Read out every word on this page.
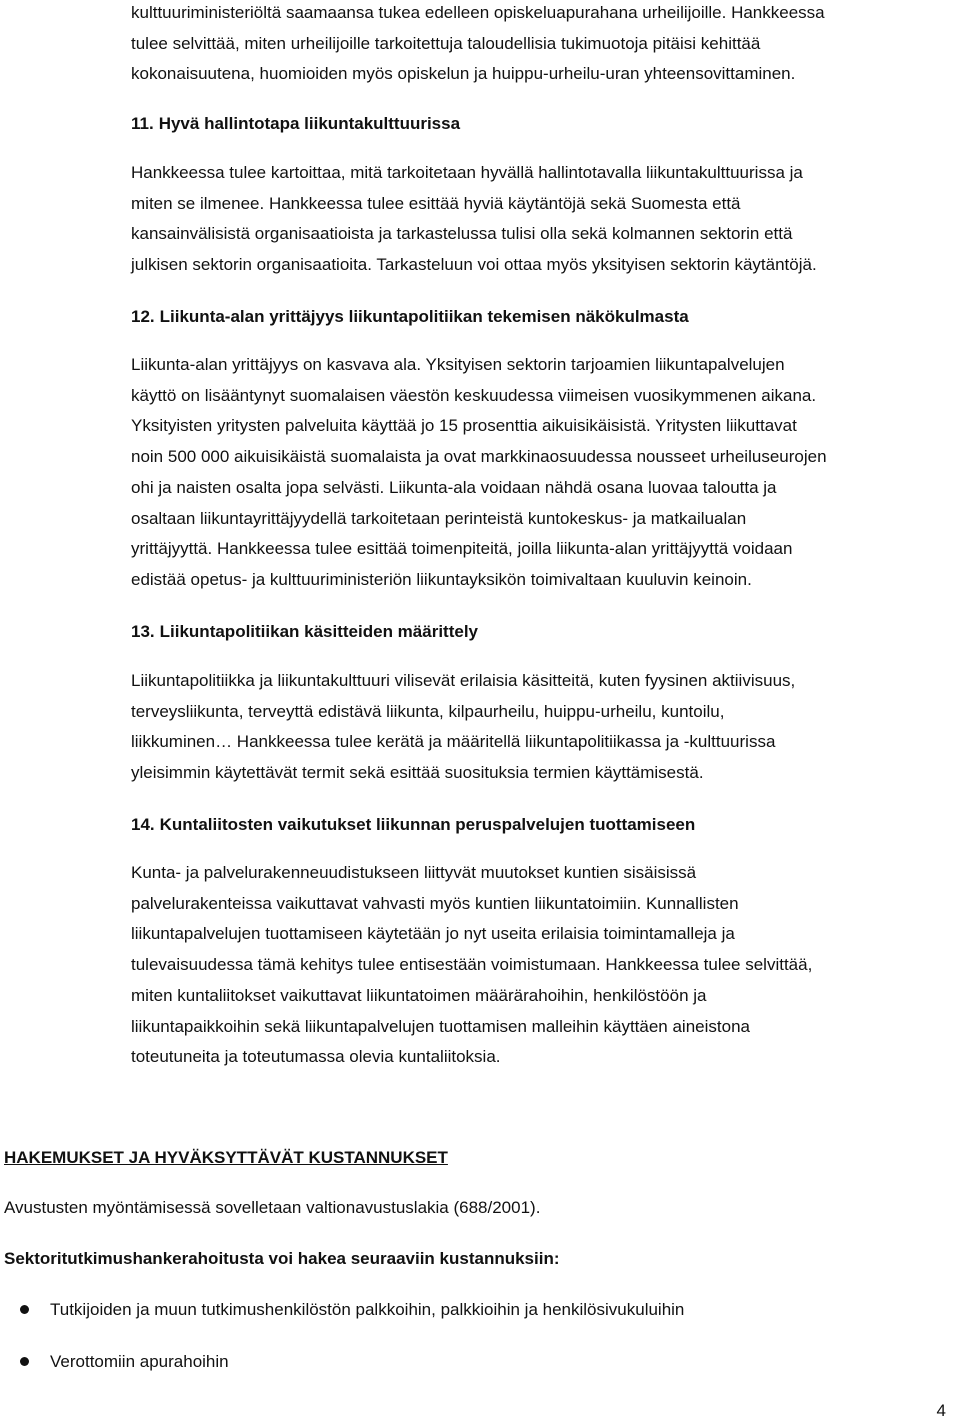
kulttuuriministeriöltä saamaansa tukea edelleen opiskeluapurahana urheilijoille. Hankkeessa
tulee selvittää, miten urheilijoille tarkoitettuja taloudellisia tukimuotoja pitäisi kehittää
kokonaisuutena, huomioiden myös opiskelun ja huippu-urheilu-uran yhteensovittaminen.
11. Hyvä hallintotapa liikuntakulttuurissa
Hankkeessa tulee kartoittaa, mitä tarkoitetaan hyvällä hallintotavalla liikuntakulttuurissa ja
miten se ilmenee. Hankkeessa tulee esittää hyviä käytäntöjä sekä Suomesta että
kansainvälisistä organisaatioista ja tarkastelussa tulisi olla sekä kolmannen sektorin että
julkisen sektorin organisaatioita. Tarkasteluun voi ottaa myös yksityisen sektorin käytäntöjä.
12. Liikunta-alan yrittäjyys liikuntapolitiikan tekemisen näkökulmasta
Liikunta-alan yrittäjyys on kasvava ala. Yksityisen sektorin tarjoamien liikuntapalvelujen
käyttö on lisääntynyt suomalaisen väestön keskuudessa viimeisen vuosikymmenen aikana.
Yksityisten yritysten palveluita käyttää jo 15 prosenttia aikuisikäisistä. Yritysten liikuttavat
noin 500 000 aikuisikäistä suomalaista ja ovat markkinaosuudessa nousseet urheiluseurojen
ohi ja naisten osalta jopa selvästi. Liikunta-ala voidaan nähdä osana luovaa taloutta ja
osaltaan liikuntayrittäjyydellä tarkoitetaan perinteistä kuntokeskus- ja matkailualan
yrittäjyyttä. Hankkeessa tulee esittää toimenpiteitä, joilla liikunta-alan yrittäjyyttä voidaan
edistää opetus- ja kulttuuriministeriön liikuntayksikön toimivaltaan kuuluvin keinoin.
13. Liikuntapolitiikan käsitteiden määrittely
Liikuntapolitiikka ja liikuntakulttuuri vilisevät erilaisia käsitteitä, kuten fyysinen aktiivisuus,
terveysliikunta, terveyttä edistävä liikunta, kilpaurheilu, huippu-urheilu, kuntoilu,
liikkuminen… Hankkeessa tulee kerätä ja määritellä liikuntapolitiikassa ja -kulttuurissa
yleisimmin käytettävät termit sekä esittää suosituksia termien käyttämisestä.
14. Kuntaliitosten vaikutukset liikunnan peruspalvelujen tuottamiseen
Kunta- ja palvelurakenneuudistukseen liittyvät muutokset kuntien sisäisissä
palvelurakenteissa vaikuttavat vahvasti myös kuntien liikuntatoimiin. Kunnallisten
liikuntapalvelujen tuottamiseen käytetään jo nyt useita erilaisia toimintamalleja ja
tulevaisuudessa tämä kehitys tulee entisestään voimistumaan. Hankkeessa tulee selvittää,
miten kuntaliitokset vaikuttavat liikuntatoimen määrärahoihin, henkilöstöön ja
liikuntapaikkoihin sekä liikuntapalvelujen tuottamisen malleihin käyttäen aineistona
toteutuneita ja toteutumassa olevia kuntaliitoksia.
HAKEMUKSET JA HYVÄKSYTTÄVÄT KUSTANNUKSET

Avustusten myöntämisessä sovelletaan valtionavustuslakia (688/2001).

Sektoritutkimushankerahoitusta voi hakea seuraaviin kustannuksiin:

Tutkijoiden ja muun tutkimushenkilöstön palkkoihin, palkkioihin ja henkilösivukuluihin
Verottomiin apurahoihin
4
